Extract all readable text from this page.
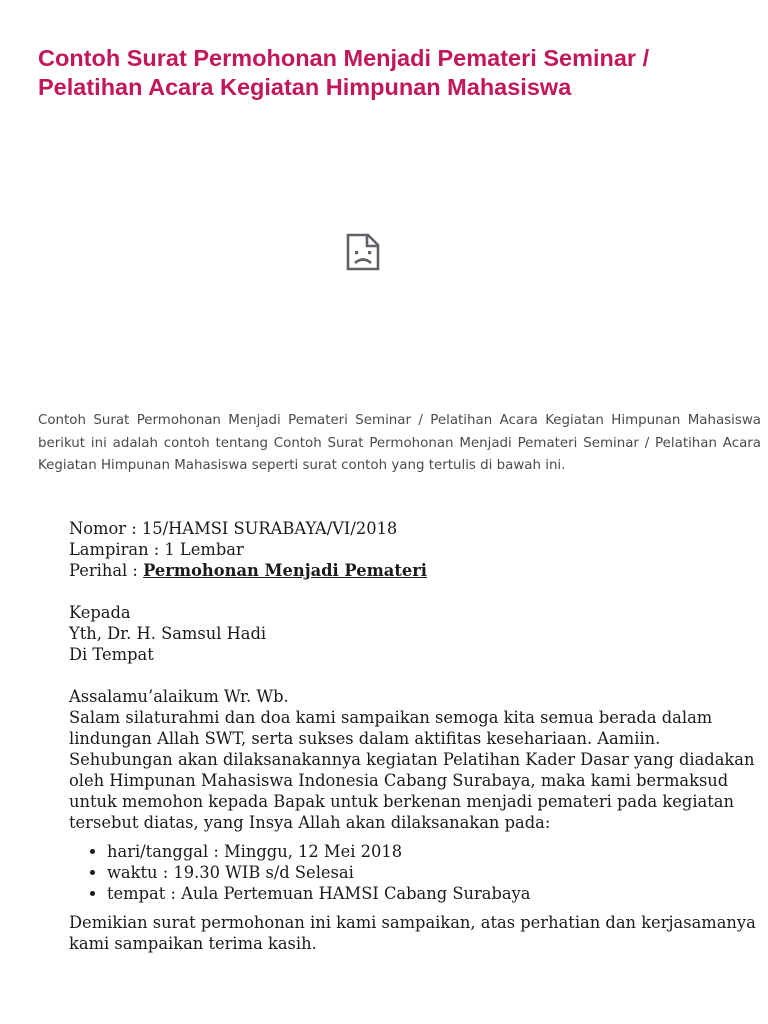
Contoh Surat Permohonan Menjadi Pemateri Seminar / Pelatihan Acara Kegiatan Himpunan Mahasiswa

Contoh Surat Permohonan Menjadi Pemateri Seminar / Pelatihan Acara Kegiatan Himpunan Mahasiswa berikut ini adalah contoh tentang Contoh Surat Permohonan Menjadi Pemateri Seminar / Pelatihan Acara Kegiatan Himpunan Mahasiswa seperti surat contoh yang tertulis di bawah ini.

Nomor : 15/HAMSI SURABAYA/VI/2018

Lampiran : 1 Lembar

Perihal : Permohonan Menjadi Pemateri

Kepada

Yth, Dr. H. Samsul Hadi

Di Tempat

Assalamu’alaikum Wr. Wb.

Salam silaturahmi dan doa kami sampaikan semoga kita semua berada dalam lindungan Allah SWT, serta sukses dalam aktifitas kesehariaan. Aamiin. Sehubungan akan dilaksanakannya kegiatan Pelatihan Kader Dasar yang diadakan oleh Himpunan Mahasiswa Indonesia Cabang Surabaya, maka kami bermaksud untuk memohon kepada Bapak untuk berkenan menjadi pemateri pada kegiatan tersebut diatas, yang Insya Allah akan dilaksanakan pada:

• hari/tanggal : Minggu, 12 Mei 2018
• waktu : 19.30 WIB s/d Selesai
• tempat : Aula Pertemuan HAMSI Cabang Surabaya

Demikian surat permohonan ini kami sampaikan, atas perhatian dan kerjasamanya kami sampaikan terima kasih.
